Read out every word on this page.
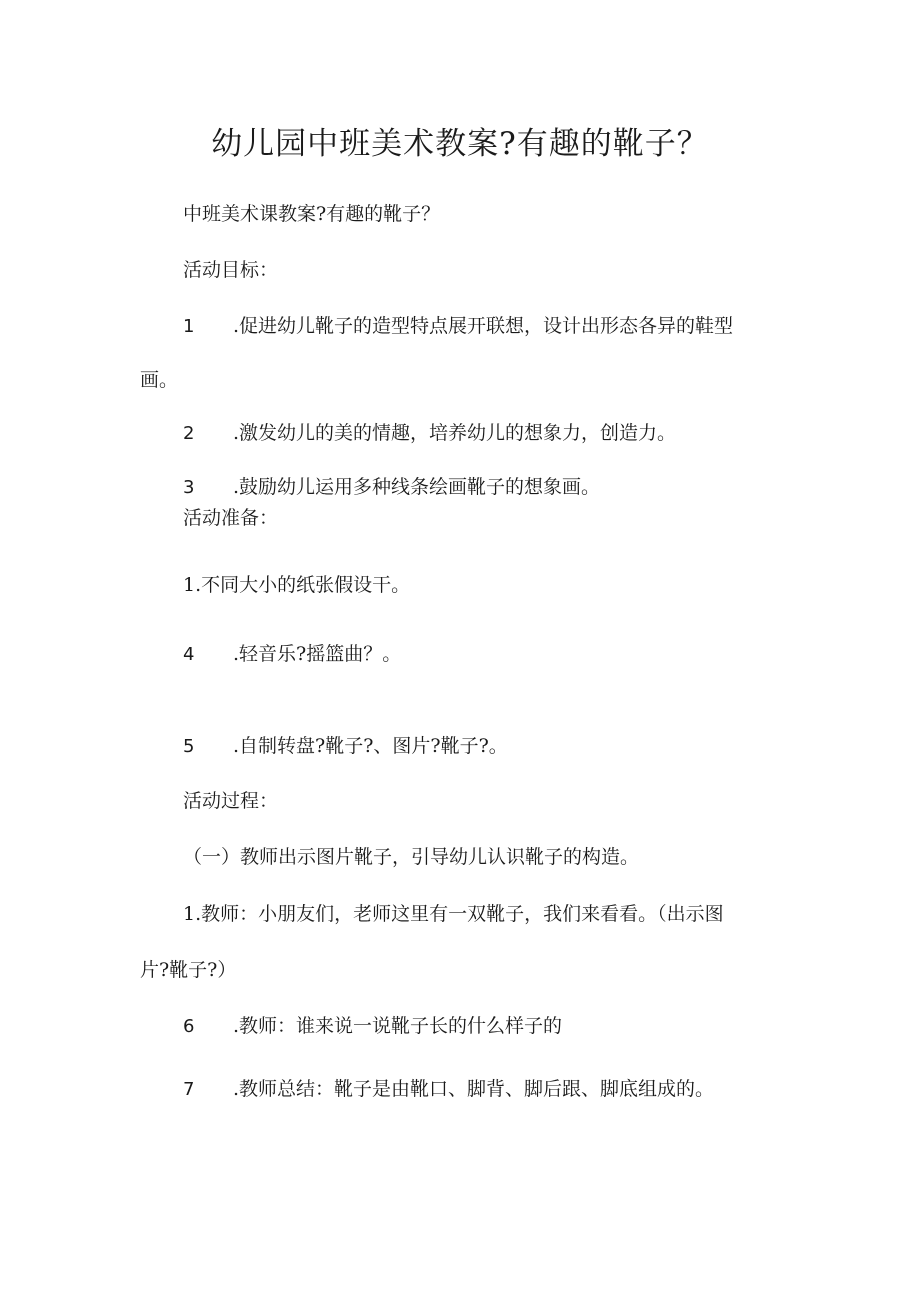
幼儿园中班美术教案?有趣的靴子？
中班美术课教案?有趣的靴子？
活动目标：
1 .促进幼儿靴子的造型特点展开联想，设计出形态各异的鞋型
画。
2 .激发幼儿的美的情趣，培养幼儿的想象力，创造力。
3 .鼓励幼儿运用多种线条绘画靴子的想象画。
活动准备：
1.不同大小的纸张假设干。
4 .轻音乐?摇篮曲？。
5 .自制转盘?靴子?、图片?靴子?。
活动过程：
（一）教师出示图片靴子，引导幼儿认识靴子的构造。
1.教师：小朋友们，老师这里有一双靴子，我们来看看。（出示图
片?靴子?）
6 .教师：谁来说一说靴子长的什么样子的
7 .教师总结：靴子是由靴口、脚背、脚后跟、脚底组成的。
